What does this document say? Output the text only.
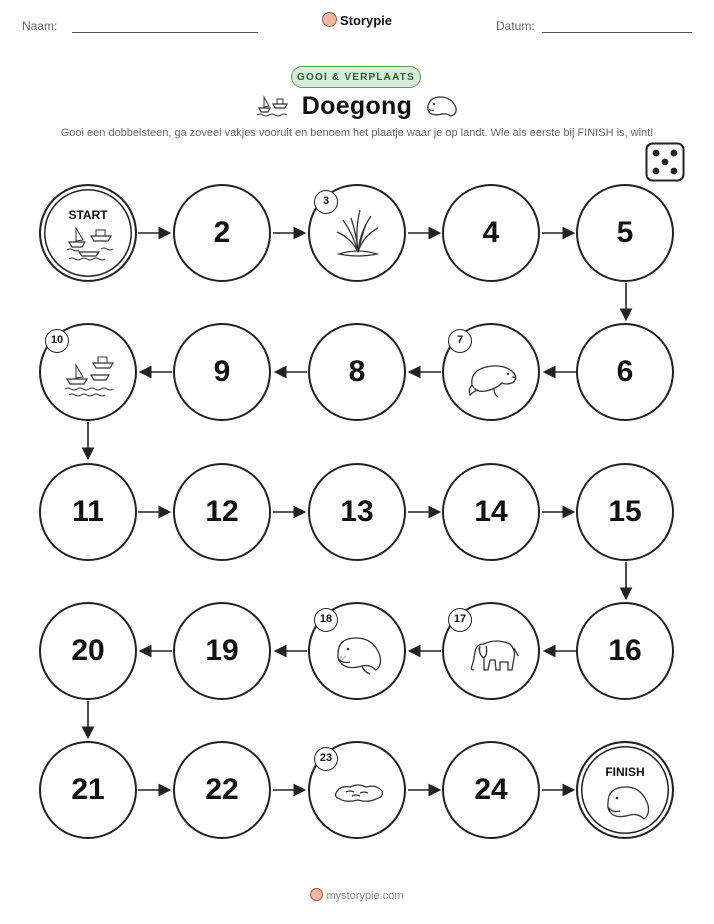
Naam:	Storypie	Datum:
GOOI & VERPLAATS
Doegong
Gooi een dobbelsteen, ga zoveel vakjes vooruit en benoem het plaatje waar je op landt. Wie als eerste bij FINISH is, wint!
START
2
3
4	5
10
9	8
7
6
11	12	13	14	15
20	19
18	17
16
21	22
23
24
FINISH
mystorypie.com
